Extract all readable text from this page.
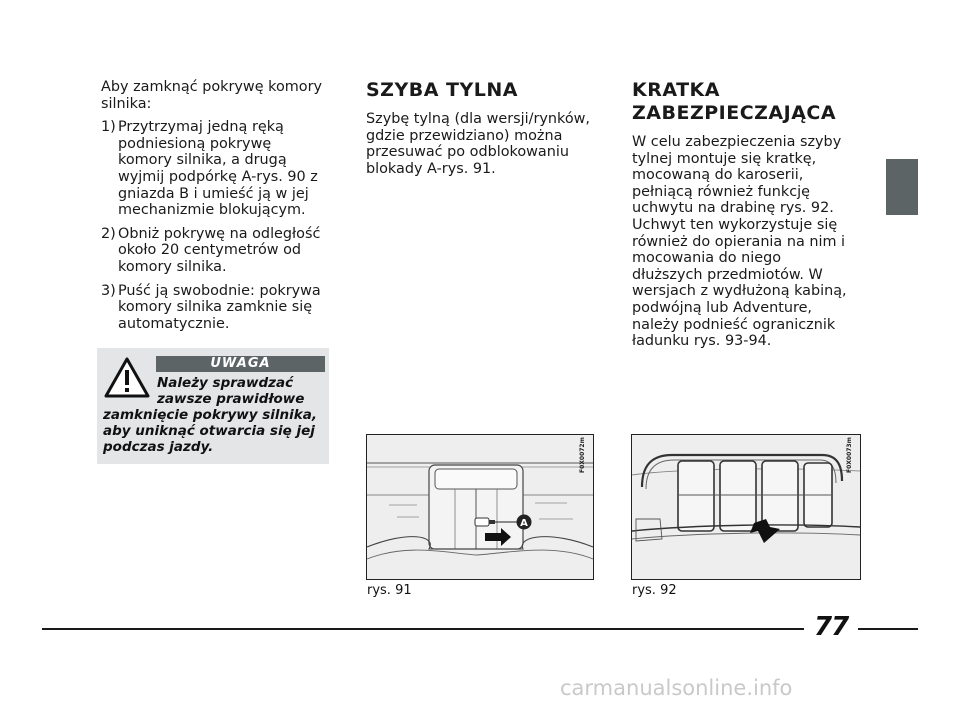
Aby zamknąć pokrywę komory silnika:

1) Przytrzymaj jedną ręką podniesioną pokrywę komory silnika, a drugą wyjmij podpórkę A-rys. 90 z gniazda B i umieść ją w jej mechanizmie blokującym.
2) Obniż pokrywę na odległość około 20 centymetrów od komory silnika.
3) Puść ją swobodnie: pokrywa komory silnika zamknie się automatycznie.
UWAGA
Należy sprawdzać zawsze prawidłowe
zamknięcie pokrywy silnika, aby uniknąć otwarcia się jej podczas jazdy.
SZYBA TYLNA

Szybę tylną (dla wersji/rynków, gdzie przewidziano) można przesuwać po odblokowaniu blokady A-rys. 91.

KRATKA
ZABEZPIECZAJĄCA

W celu zabezpieczenia szyby tylnej montuje się kratkę, mocowaną do karoserii, pełniącą również funkcję uchwytu na drabinę rys. 92. Uchwyt ten wykorzystuje się również do opierania na nim i mocowania do niego dłuższych przedmiotów. W wersjach z wydłużoną kabiną, podwójną lub Adventure, należy podnieść ogranicznik ładunku rys. 93-94.

A
F0X0072m
rys. 91
F0X0073m
rys. 92
77
carmanualsonline.info
